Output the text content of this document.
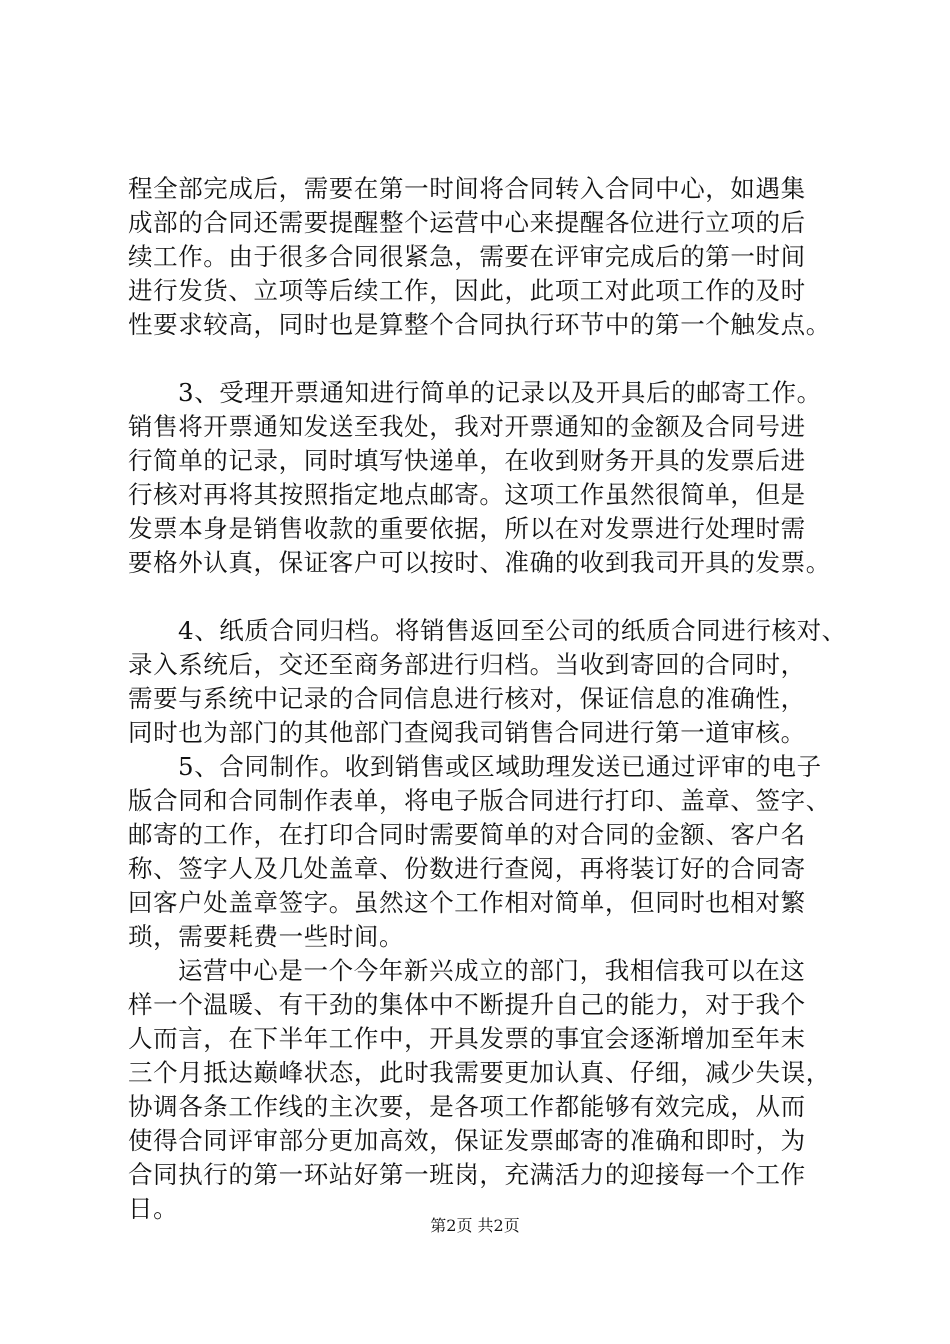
程全部完成后，需要在第一时间将合同转入合同中心，如遇集
成部的合同还需要提醒整个运营中心来提醒各位进行立项的后
续工作。由于很多合同很紧急，需要在评审完成后的第一时间
进行发货、立项等后续工作，因此，此项工对此项工作的及时
性要求较高，同时也是算整个合同执行环节中的第一个触发点。
3、受理开票通知进行简单的记录以及开具后的邮寄工作。
销售将开票通知发送至我处，我对开票通知的金额及合同号进
行简单的记录，同时填写快递单，在收到财务开具的发票后进
行核对再将其按照指定地点邮寄。这项工作虽然很简单，但是
发票本身是销售收款的重要依据，所以在对发票进行处理时需
要格外认真，保证客户可以按时、准确的收到我司开具的发票。
4、纸质合同归档。将销售返回至公司的纸质合同进行核对、
录入系统后，交还至商务部进行归档。当收到寄回的合同时，
需要与系统中记录的合同信息进行核对，保证信息的准确性，
同时也为部门的其他部门查阅我司销售合同进行第一道审核。
5、合同制作。收到销售或区域助理发送已通过评审的电子
版合同和合同制作表单，将电子版合同进行打印、盖章、签字、
邮寄的工作，在打印合同时需要简单的对合同的金额、客户名
称、签字人及几处盖章、份数进行查阅，再将装订好的合同寄
回客户处盖章签字。虽然这个工作相对简单，但同时也相对繁
琐，需要耗费一些时间。
运营中心是一个今年新兴成立的部门，我相信我可以在这
样一个温暖、有干劲的集体中不断提升自己的能力，对于我个
人而言，在下半年工作中，开具发票的事宜会逐渐增加至年末
三个月抵达巅峰状态，此时我需要更加认真、仔细，减少失误，
协调各条工作线的主次要，是各项工作都能够有效完成，从而
使得合同评审部分更加高效，保证发票邮寄的准确和即时，为
合同执行的第一环站好第一班岗，充满活力的迎接每一个工作
日。
第2页 共2页
